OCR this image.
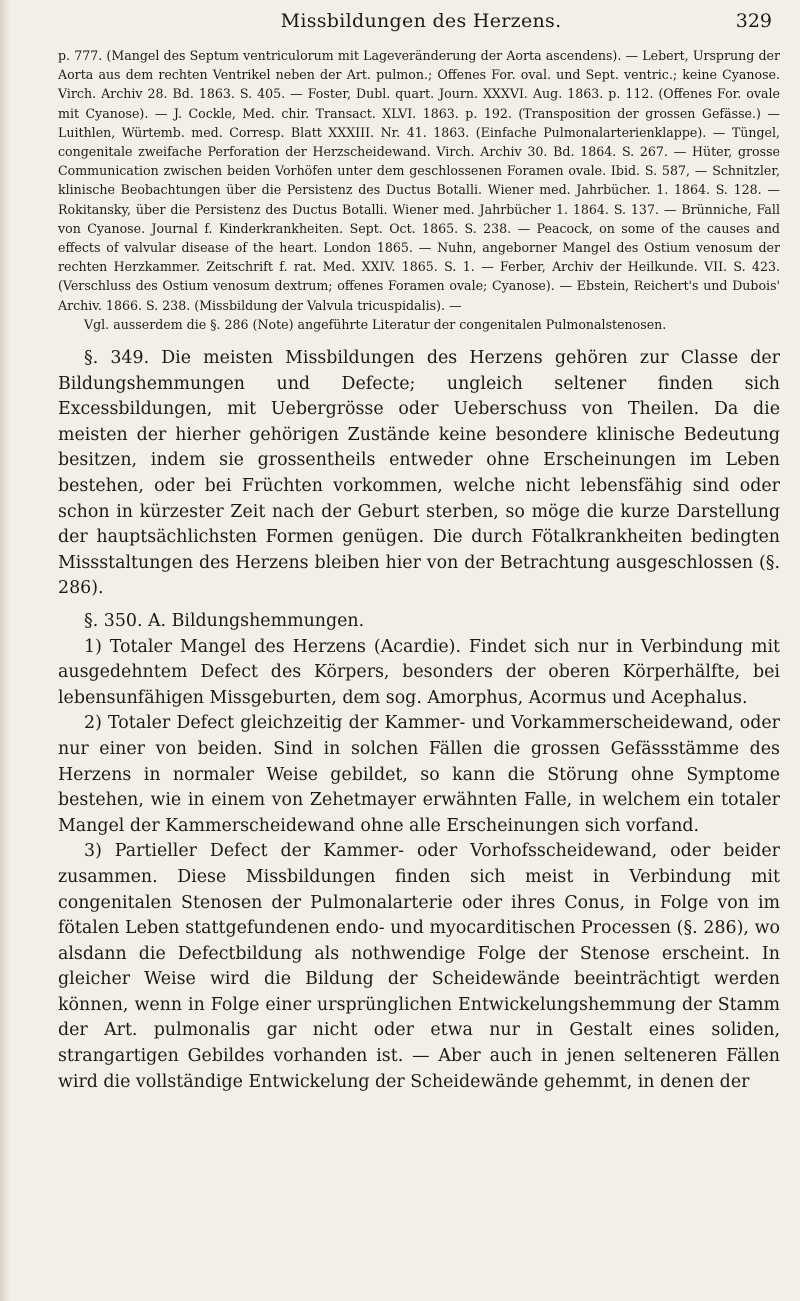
Missbildungen des Herzens.	329

p. 777. (Mangel des Septum ventriculorum mit Lageveränderung der Aorta ascendens). — Lebert, Ursprung der Aorta aus dem rechten Ventrikel neben der Art. pulmon.; Offenes For. oval. und Sept. ventric.; keine Cyanose. Virch. Archiv 28. Bd. 1863. S. 405. — Foster, Dubl. quart. Journ. XXXVI. Aug. 1863. p. 112. (Offenes For. ovale mit Cyanose). — J. Cockle, Med. chir. Transact. XLVI. 1863. p. 192. (Transposition der grossen Gefässe.) — Luithlen, Würtemb. med. Corresp. Blatt XXXIII. Nr. 41. 1863. (Einfache Pulmonalarterienklappe). — Tüngel, congenitale zweifache Perforation der Herzscheidewand. Virch. Archiv 30. Bd. 1864. S. 267. — Hüter, grosse Communication zwischen beiden Vorhöfen unter dem geschlossenen Foramen ovale. Ibid. S. 587, — Schnitzler, klinische Beobachtungen über die Persistenz des Ductus Botalli. Wiener med. Jahrbücher. 1. 1864. S. 128. — Rokitansky, über die Persistenz des Ductus Botalli. Wiener med. Jahrbücher 1. 1864. S. 137. — Brünniche, Fall von Cyanose. Journal f. Kinderkrankheiten. Sept. Oct. 1865. S. 238. — Peacock, on some of the causes and effects of valvular disease of the heart. London 1865. — Nuhn, angeborner Mangel des Ostium venosum der rechten Herzkammer. Zeitschrift f. rat. Med. XXIV. 1865. S. 1. — Ferber, Archiv der Heilkunde. VII. S. 423. (Verschluss des Ostium venosum dextrum; offenes Foramen ovale; Cyanose). — Ebstein, Reichert's und Dubois' Archiv. 1866. S. 238. (Missbildung der Valvula tricuspidalis). —

Vgl. ausserdem die §. 286 (Note) angeführte Literatur der congenitalen Pulmonalstenosen.

§. 349. Die meisten Missbildungen des Herzens gehören zur Classe der Bildungshemmungen und Defecte; ungleich seltener finden sich Excessbildungen, mit Uebergrösse oder Ueberschuss von Theilen. Da die meisten der hierher gehörigen Zustände keine besondere klinische Bedeutung besitzen, indem sie grossentheils entweder ohne Erscheinungen im Leben bestehen, oder bei Früchten vorkommen, welche nicht lebensfähig sind oder schon in kürzester Zeit nach der Geburt sterben, so möge die kurze Darstellung der hauptsächlichsten Formen genügen. Die durch Fötalkrankheiten bedingten Missstaltungen des Herzens bleiben hier von der Betrachtung ausgeschlossen (§. 286).

§. 350. A. Bildungshemmungen.

1) Totaler Mangel des Herzens (Acardie). Findet sich nur in Verbindung mit ausgedehntem Defect des Körpers, besonders der oberen Körperhälfte, bei lebensunfähigen Missgeburten, dem sog. Amorphus, Acormus und Acephalus.

2) Totaler Defect gleichzeitig der Kammer- und Vorkammerscheidewand, oder nur einer von beiden. Sind in solchen Fällen die grossen Gefässstämme des Herzens in normaler Weise gebildet, so kann die Störung ohne Symptome bestehen, wie in einem von Zehetmayer erwähnten Falle, in welchem ein totaler Mangel der Kammerscheidewand ohne alle Erscheinungen sich vorfand.

3) Partieller Defect der Kammer- oder Vorhofsscheidewand, oder beider zusammen. Diese Missbildungen finden sich meist in Verbindung mit congenitalen Stenosen der Pulmonalarterie oder ihres Conus, in Folge von im fötalen Leben stattgefundenen endo- und myocarditischen Processen (§. 286), wo alsdann die Defectbildung als nothwendige Folge der Stenose erscheint. In gleicher Weise wird die Bildung der Scheidewände beeinträchtigt werden können, wenn in Folge einer ursprünglichen Entwickelungshemmung der Stamm der Art. pulmonalis gar nicht oder etwa nur in Gestalt eines soliden, strangartigen Gebildes vorhanden ist. — Aber auch in jenen selteneren Fällen wird die vollständige Entwickelung der Scheidewände gehemmt, in denen der
